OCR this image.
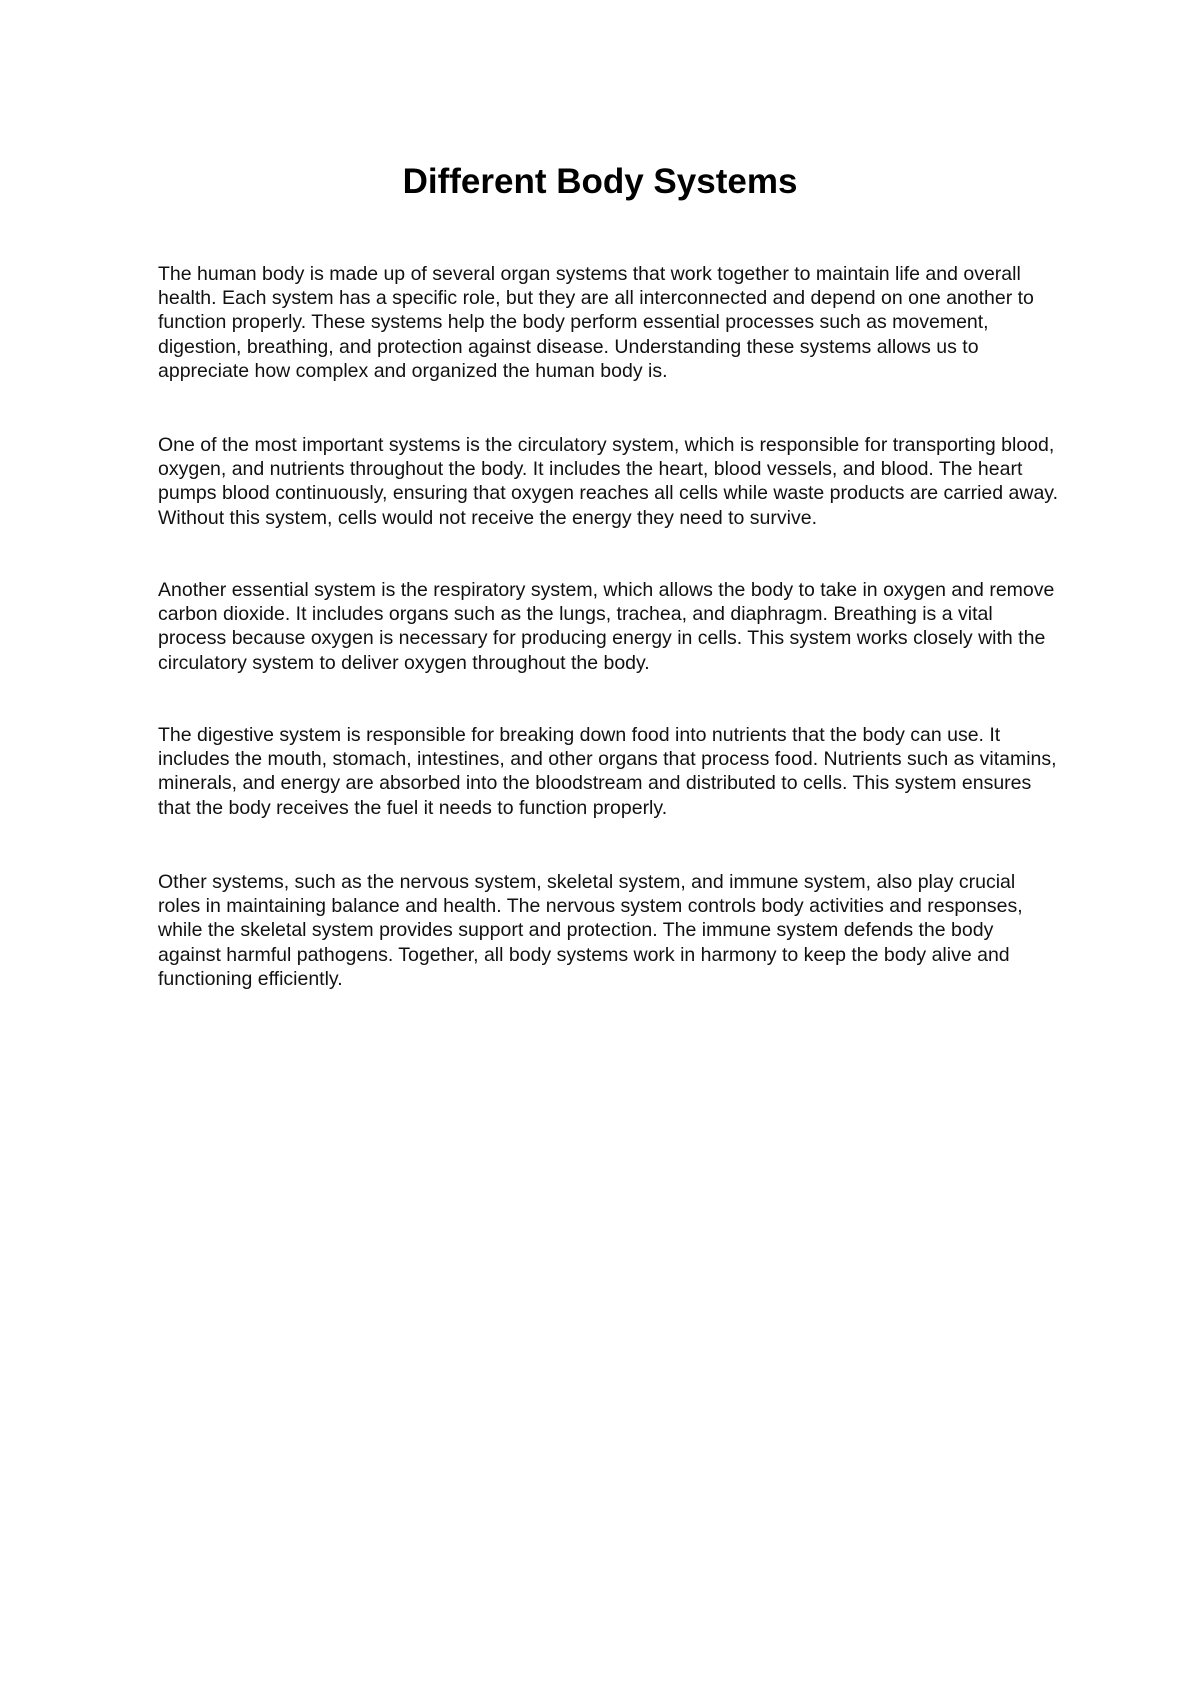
Different Body Systems

The human body is made up of several organ systems that work together to maintain life and overall health. Each system has a specific role, but they are all interconnected and depend on one another to function properly. These systems help the body perform essential processes such as movement, digestion, breathing, and protection against disease. Understanding these systems allows us to appreciate how complex and organized the human body is.

One of the most important systems is the circulatory system, which is responsible for transporting blood, oxygen, and nutrients throughout the body. It includes the heart, blood vessels, and blood. The heart pumps blood continuously, ensuring that oxygen reaches all cells while waste products are carried away. Without this system, cells would not receive the energy they need to survive.

Another essential system is the respiratory system, which allows the body to take in oxygen and remove carbon dioxide. It includes organs such as the lungs, trachea, and diaphragm. Breathing is a vital process because oxygen is necessary for producing energy in cells. This system works closely with the circulatory system to deliver oxygen throughout the body.

The digestive system is responsible for breaking down food into nutrients that the body can use. It includes the mouth, stomach, intestines, and other organs that process food. Nutrients such as vitamins, minerals, and energy are absorbed into the bloodstream and distributed to cells. This system ensures that the body receives the fuel it needs to function properly.

Other systems, such as the nervous system, skeletal system, and immune system, also play crucial roles in maintaining balance and health. The nervous system controls body activities and responses, while the skeletal system provides support and protection. The immune system defends the body against harmful pathogens. Together, all body systems work in harmony to keep the body alive and functioning efficiently.
